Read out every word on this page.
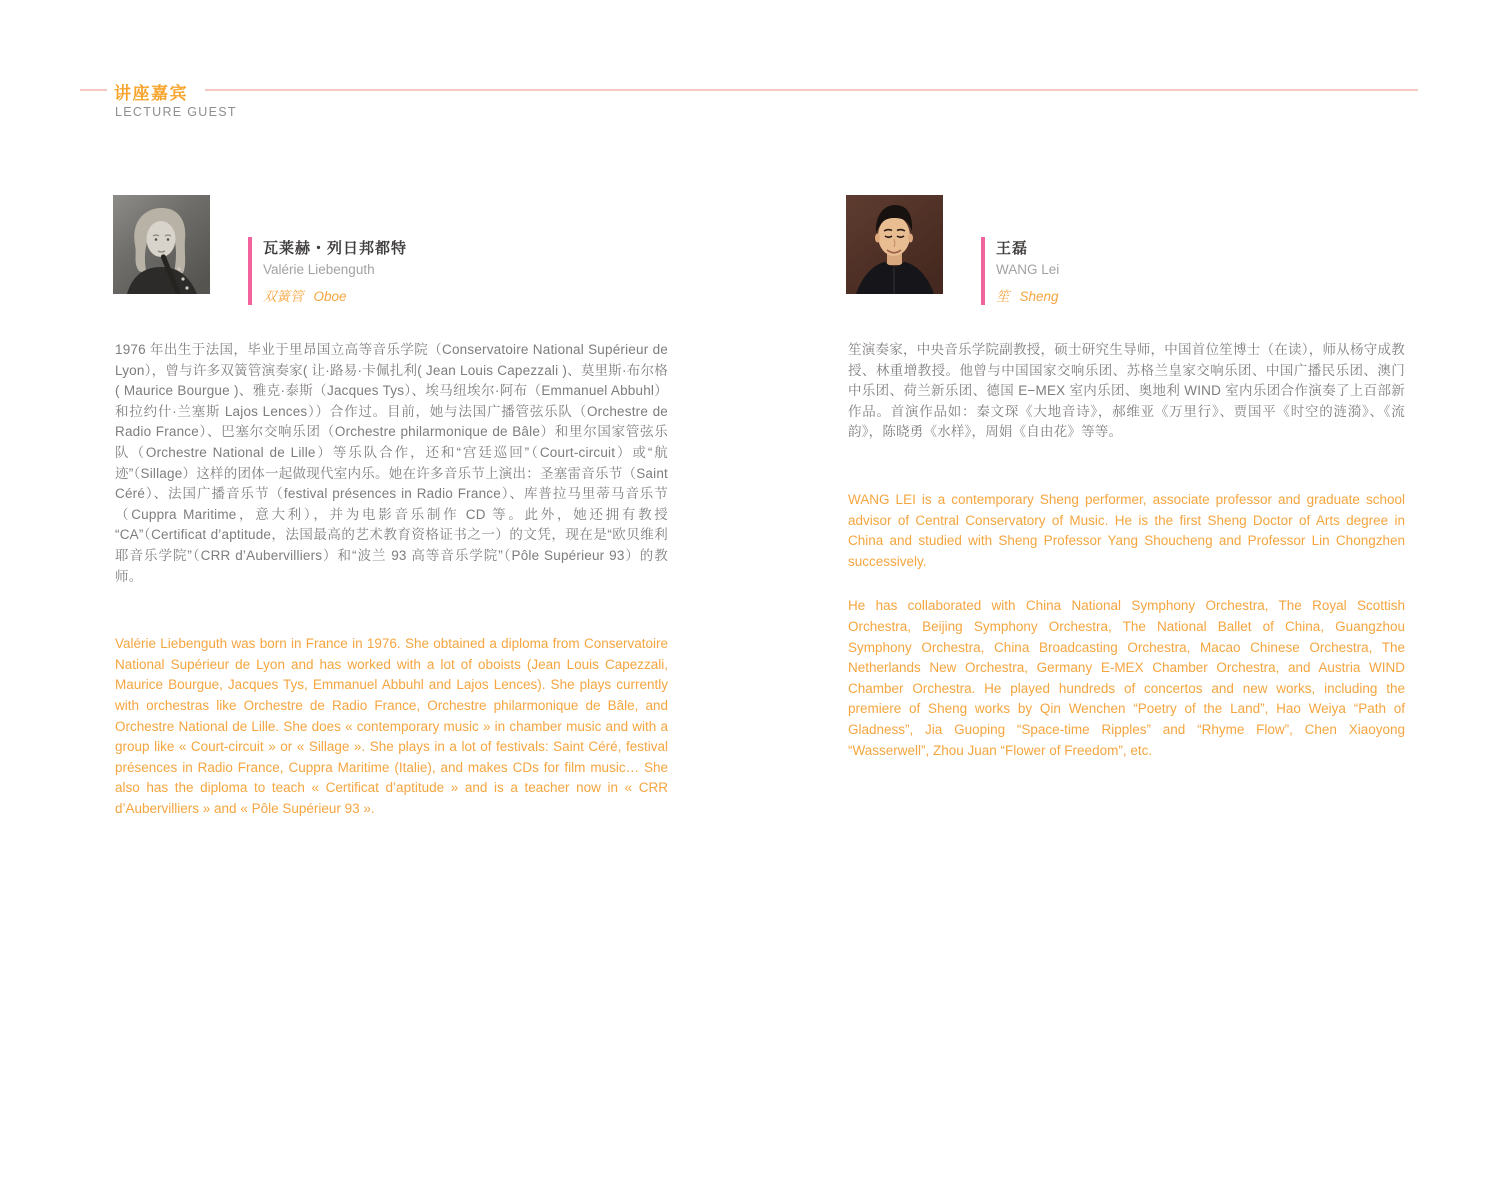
讲座嘉宾
LECTURE GUEST
瓦莱赫・列日邦都特
Valérie Liebenguth
双簧管 Oboe
1976 年出生于法国，毕业于里昂国立高等音乐学院（Conservatoire National Supérieur de Lyon），曾与许多双簧管演奏家( 让·路易·卡佩扎利( Jean Louis Capezzali )、莫里斯·布尔格( Maurice Bourgue )、雅克·泰斯（Jacques Tys）、埃马纽埃尔·阿布（Emmanuel Abbuhl）和拉约什·兰塞斯 Lajos Lences））合作过。目前，她与法国广播管弦乐队（Orchestre de Radio France）、巴塞尔交响乐团（Orchestre philarmonique de Bâle）和里尔国家管弦乐队（Orchestre National de Lille）等乐队合作，还和“宫廷巡回”（Court-circuit）或“航迹”（Sillage）这样的团体一起做现代室内乐。她在许多音乐节上演出：圣塞雷音乐节（Saint Céré）、法国广播音乐节（festival présences in Radio France）、库普拉马里蒂马音乐节（Cuppra Maritime，意大利），并为电影音乐制作 CD 等。此外，她还拥有教授 “CA”（Certificat d’aptitude，法国最高的艺术教育资格证书之一）的文凭，现在是“欧贝维利耶音乐学院”（CRR d’Aubervilliers）和“波兰 93 高等音乐学院”（Pôle Supérieur 93）的教师。

Valérie Liebenguth was born in France in 1976. She obtained a diploma from Conservatoire National Supérieur de Lyon and has worked with a lot of oboists (Jean Louis Capezzali, Maurice Bourgue, Jacques Tys, Emmanuel Abbuhl and Lajos Lences). She plays currently with orchestras like Orchestre de Radio France, Orchestre philarmonique de Bâle, and Orchestre National de Lille. She does « contemporary music » in chamber music and with a group like « Court-circuit » or « Sillage ». She plays in a lot of festivals: Saint Céré, festival présences in Radio France, Cuppra Maritime (Italie), and makes CDs for film music… She also has the diploma to teach « Certificat d’aptitude » and is a teacher now in « CRR d’Aubervilliers » and « Pôle Supérieur 93 ».

王磊
WANG Lei
笙 Sheng
笙演奏家，中央音乐学院副教授，硕士研究生导师，中国首位笙博士（在读），师从杨守成教授、林重增教授。他曾与中国国家交响乐团、苏格兰皇家交响乐团、中国广播民乐团、澳门中乐团、荷兰新乐团、德国 E−MEX 室内乐团、奥地利 WIND 室内乐团合作演奏了上百部新作品。首演作品如：秦文琛《大地音诗》，郝维亚《万里行》、贾国平《时空的涟漪》、《流韵》，陈晓勇《水样》，周娟《自由花》等等。

WANG LEI is a contemporary Sheng performer, associate professor and graduate school advisor of Central Conservatory of Music. He is the first Sheng Doctor of Arts degree in China and studied with Sheng Professor Yang Shoucheng and Professor Lin Chongzhen successively.

He has collaborated with China National Symphony Orchestra, The Royal Scottish Orchestra, Beijing Symphony Orchestra, The National Ballet of China, Guangzhou Symphony Orchestra, China Broadcasting Orchestra, Macao Chinese Orchestra, The Netherlands New Orchestra, Germany E-MEX Chamber Orchestra, and Austria WIND Chamber Orchestra. He played hundreds of concertos and new works, including the premiere of Sheng works by Qin Wenchen “Poetry of the Land”, Hao Weiya “Path of Gladness”, Jia Guoping “Space-time Ripples” and “Rhyme Flow”, Chen Xiaoyong “Wasserwell”, Zhou Juan “Flower of Freedom”, etc.
